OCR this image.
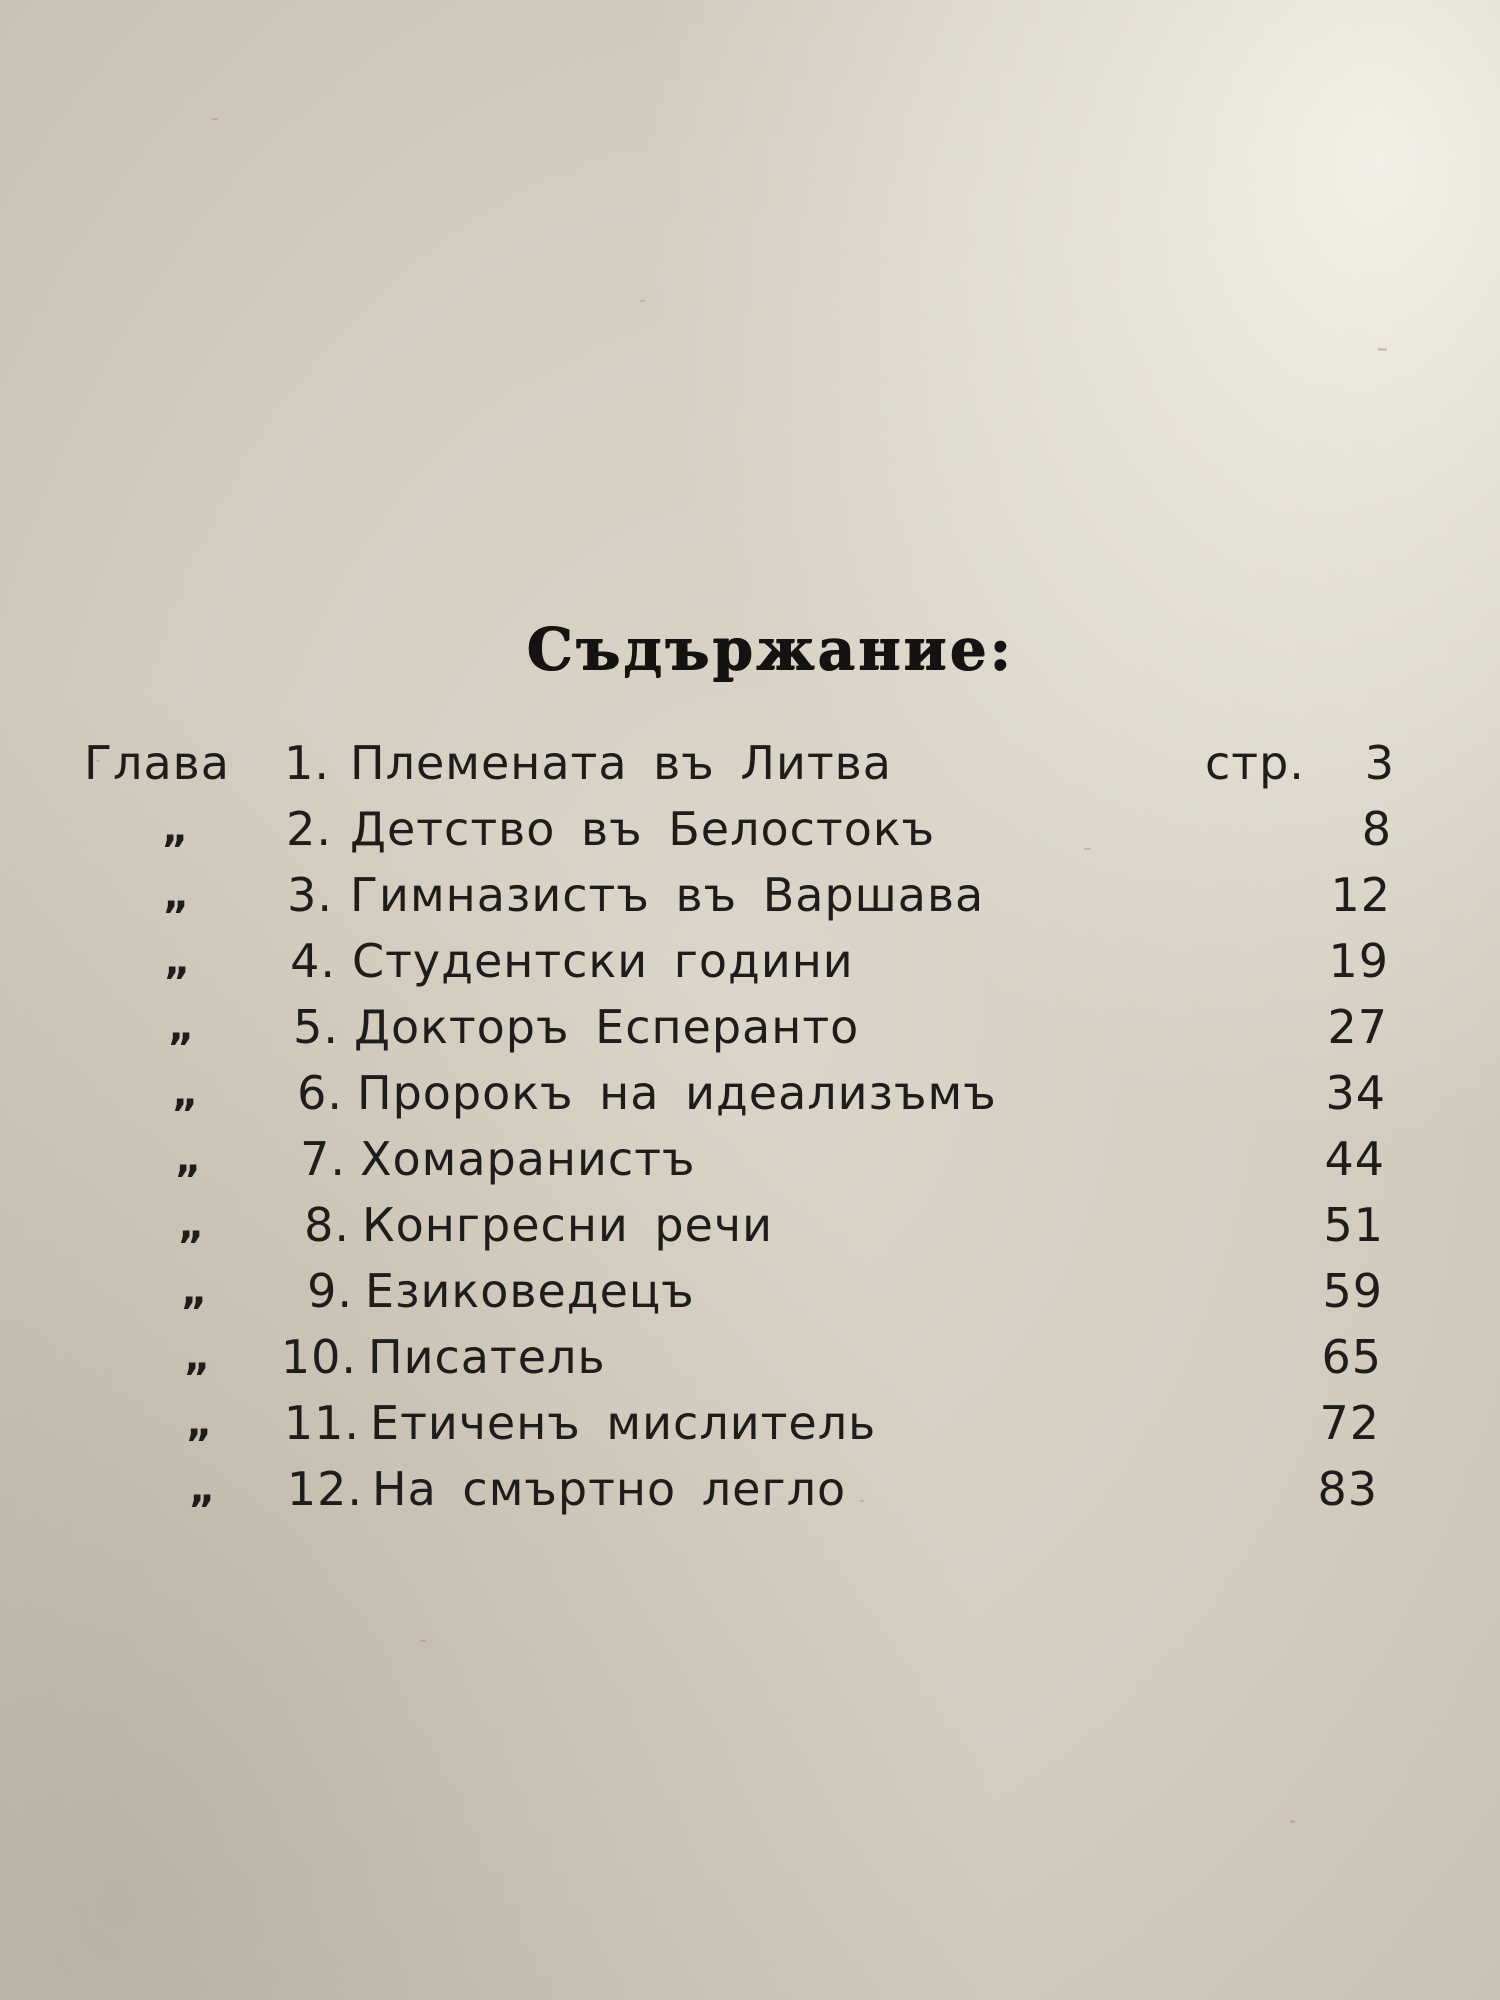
Съдържание:
Глава	1. Племената въ Литва	стр.	3
„	2. Детство въ Белостокъ	8
„	3. Гимназистъ въ Варшава	12
„	4. Студентски години	19
„	5. Докторъ Есперанто	27
„	6. Пророкъ на идеализъмъ	34
„	7. Хомаранистъ	44
„	8. Конгресни речи	51
„	9. Езиковедецъ	59
„	10. Писатель	65
„	11. Етиченъ мислитель	72
„	12. На смъртно легло	83
